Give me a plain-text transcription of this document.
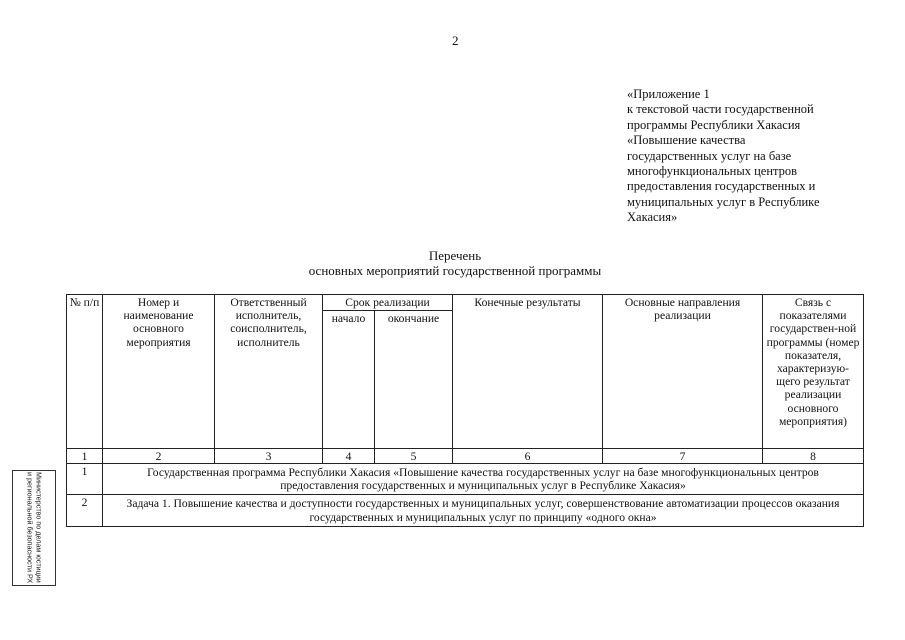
2
«Приложение 1
к текстовой части государственной
программы Республики Хакасия
«Повышение качества
государственных услуг на базе
многофункциональных центров
предоставления государственных и
муниципальных услуг в Республике
Хакасия»
Перечень
основных мероприятий государственной программы
№ п/п	Номер и наименование основного мероприятия	Ответственный исполнитель, соисполнитель, исполнитель	Срок реализации		Конечные результаты	Основные направления реализации	Связь с показателями государствен-ной программы (номер показателя, характеризую-щего результат реализации основного мероприятия)
			начало	окончание			
1	2	3	4	5	6	7	8
1	Государственная программа Республики Хакасия «Повышение качества государственных услуг на базе многофункциональных центров предоставления государственных и муниципальных услуг в Республике Хакасия»						
2	Задача 1. Повышение качества и доступности государственных и муниципальных услуг, совершенствование автоматизации процессов оказания государственных и муниципальных услуг по принципу «одного окна»						
Министерство по делам юстиции и региональной безопасности РХ
